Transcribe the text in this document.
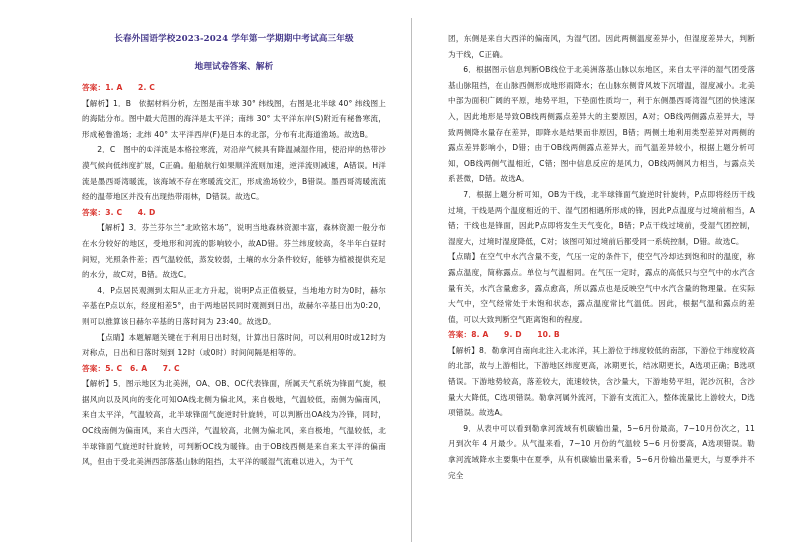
长春外国语学校2023-2024 学年第一学期期中考试高三年级
地理试卷答案、解析

答案：1. A　　2. C

【解析】1．B　依据材料分析，左图是南半球 30° 纬线图，右图是北半球 40° 纬线图上的海陆分布。图中最大范围的海洋是太平洋；南纬 30° 太平洋东岸(S)附近有秘鲁寒流，形成秘鲁渔场；北纬 40° 太平洋西岸(F)是日本的北部，分布有北海道渔场。故选B。

2．C　图中的①洋流是本格拉寒流，对沿岸气候具有降温减湿作用，使沿岸的热带沙漠气候向低纬度扩展，C正确。船舶航行如果顺洋流则加速，逆洋流则减速，A错误。H洋流是墨西哥湾暖流，该海域不存在寒暖流交汇，形成渔场较少，B错误。墨西哥湾暖流流经的温带地区并没有出现热带雨林，D错误。故选C。

答案：3. C　　4. D

【解析】3．芬兰芬尔兰“北欧铭木场”，说明当地森林资源丰富，森林资源一般分布在水分较好的地区，受地形和河流的影响较小，故AD错。芬兰纬度较高，冬半年白昼时间短，光照条件差；西气温较低，蒸发较弱，土壤的水分条件较好，能够为植被提供充足的水分，故C对，B错。故选C。

4．P点居民观测到太阳从正北方升起，说明P点正值极昼，当地地方时为0时，赫尔辛基在P点以东，经度相差5°，由于两地居民同时观测到日出，故赫尔辛基日出为0:20，则可以推算该日赫尔辛基的日落时间为 23:40。故选D。

【点睛】本题解题关键在于利用日出时刻，计算出日落时间，可以利用0时或12时为对称点，日出和日落时刻到 12时（或0时）时间间隔是相等的。

答案：5. C　6. A　　7. C

【解析】5．图示地区为北美洲，OA、OB、OC代表锋面，所属天气系统为锋面气旋，根据风向以及风向的变化可知OA线北侧为偏北风，来自极地，气温较低，南侧为偏南风，来自太平洋，气温较高，北半球锋面气旋逆时针旋转，可以判断出OA线为冷锋，同时，OC线南侧为偏南风，来自大西洋，气温较高，北侧为偏北风，来自极地，气温较低，北半球锋面气旋逆时针旋转，可判断OC线为暖锋。由于OB线西侧是来自来太平洋的偏南风，但由于受北美洲西部落基山脉的阻挡，太平洋的暖湿气流难以进入，为干气

团，东侧是来自大西洋的偏南风，为湿气团。因此两侧温度差异小，但湿度差异大，判断为干线，C正确。

6．根据图示信息判断OB线位于北美洲落基山脉以东地区，来自太平洋的湿气团受落基山脉阻挡，在山脉西侧形成地形雨降水；在山脉东侧背风坡下沉增温，湿度减小。北美中部为面积广阔的平原，地势平坦，下垫面性质均一，利于东侧墨西哥湾湿气团的快速深入，因此地形是导致OB线两侧露点差异大的主要原因，A对；OB线两侧露点差异大，导致两侧降水量存在差异，即降水是结果而非原因，B错；两侧土地利用类型差异对两侧的露点差异影响小，D错；由于OB线两侧露点差异大，而气温差异较小，根据上题分析可知，OB线两侧气温相近，C错；图中信息反应的是风力，OB线两侧风力相当，与露点关系甚微，D错。故选A。

7．根据上题分析可知，OB为干线，北半球锋面气旋逆时针旋转，P点即将经历干线过境，干线是两个温度相近的干、湿气团相遇所形成的锋，因此P点温度与过境前相当，A错；干线也是锋面，因此P点即将发生天气变化，B错；P点干线过境前，受湿气团控制，湿度大，过境时湿度降低，C对；该图可知过境前后都受同一系统控制，D错。故选C。

【点睛】在空气中水汽含量不变，气压一定的条件下，使空气冷却达到饱和时的温度，称露点温度，简称露点。单位与气温相同。在气压一定时，露点的高低只与空气中的水汽含量有关，水汽含量愈多，露点愈高，所以露点也是反映空气中水汽含量的物理量。在实际大气中，空气经常处于未饱和状态，露点温度常比气温低。因此，根据气温和露点的差值，可以大致判断空气距离饱和的程度。

答案：8. A　　9. D　　10. B

【解析】8．勒拿河自南向北注入北冰洋，其上游位于纬度较低的南部，下游位于纬度较高的北部，故与上游相比，下游地区纬度更高，冰期更长，结冰期更长，A选项正确；B选项错误。下游地势较高，落差较大，流速较快，含沙量大，下游地势平坦，泥沙沉积，含沙量大大降低，C选项错误。勒拿河属外流河，下游有支流汇入，整体流量比上游较大，D选项错误。故选A。

9．从表中可以看到勒拿河流域有机碳输出量，5~6月份最高，7~10月份次之，11月到次年 4 月最少。从气温来看，7~10 月份的气温较 5~6 月份要高，A选项错误。勒拿河流域降水主要集中在夏季，从有机碳输出量来看，5~6月份输出量更大，与夏季并不完全
